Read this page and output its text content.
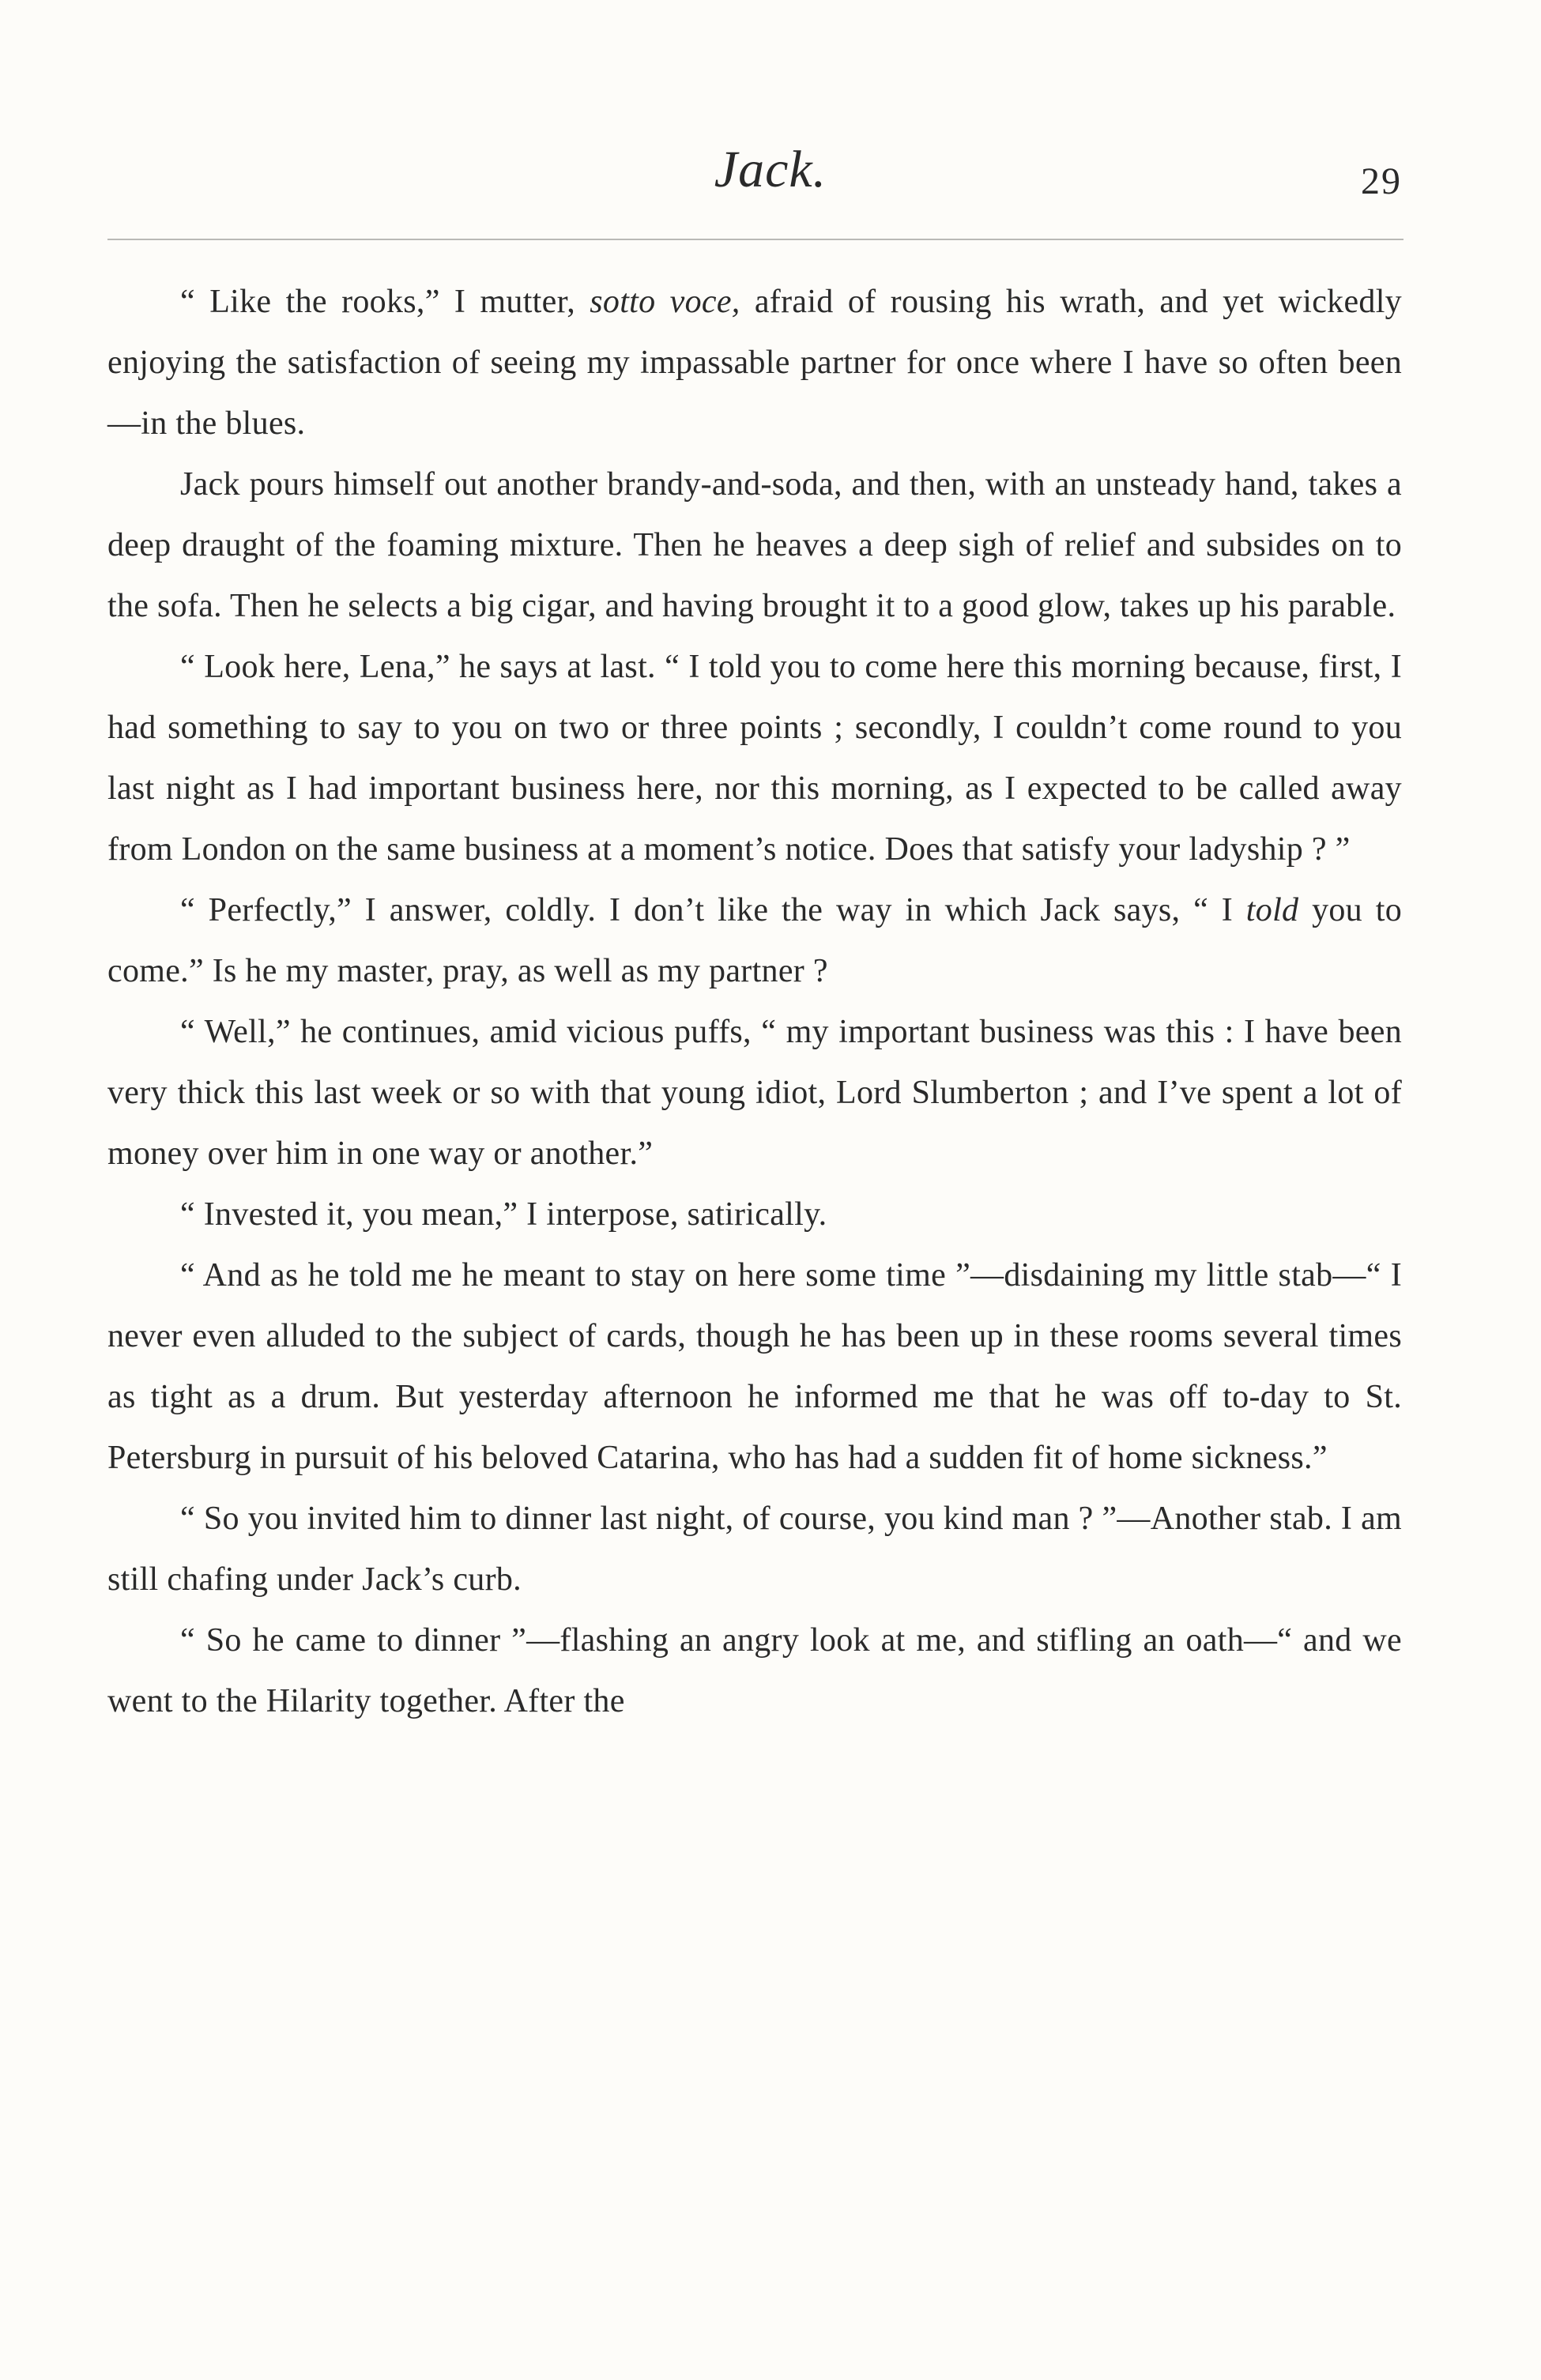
Jack.	29

“ Like the rooks,” I mutter, sotto voce, afraid of rousing his wrath, and yet wickedly enjoying the satisfaction of seeing my impassable partner for once where I have so often been—in the blues.

Jack pours himself out another brandy-and-soda, and then, with an unsteady hand, takes a deep draught of the foaming mixture. Then he heaves a deep sigh of relief and subsides on to the sofa. Then he selects a big cigar, and having brought it to a good glow, takes up his parable.

“ Look here, Lena,” he says at last. “ I told you to come here this morning because, first, I had something to say to you on two or three points ; secondly, I couldn’t come round to you last night as I had important business here, nor this morning, as I expected to be called away from London on the same business at a moment’s notice. Does that satisfy your ladyship ? ”

“ Perfectly,” I answer, coldly. I don’t like the way in which Jack says, “ I told you to come.” Is he my master, pray, as well as my partner ?

“ Well,” he continues, amid vicious puffs, “ my important business was this : I have been very thick this last week or so with that young idiot, Lord Slumberton ; and I’ve spent a lot of money over him in one way or another.”

“ Invested it, you mean,” I interpose, satirically.

“ And as he told me he meant to stay on here some time ”—disdaining my little stab—“ I never even alluded to the subject of cards, though he has been up in these rooms several times as tight as a drum. But yesterday afternoon he informed me that he was off to-day to St. Petersburg in pursuit of his beloved Catarina, who has had a sudden fit of home sickness.”

“ So you invited him to dinner last night, of course, you kind man ? ”—Another stab. I am still chafing under Jack’s curb.

“ So he came to dinner ”—flashing an angry look at me, and stifling an oath—“ and we went to the Hilarity together. After the
